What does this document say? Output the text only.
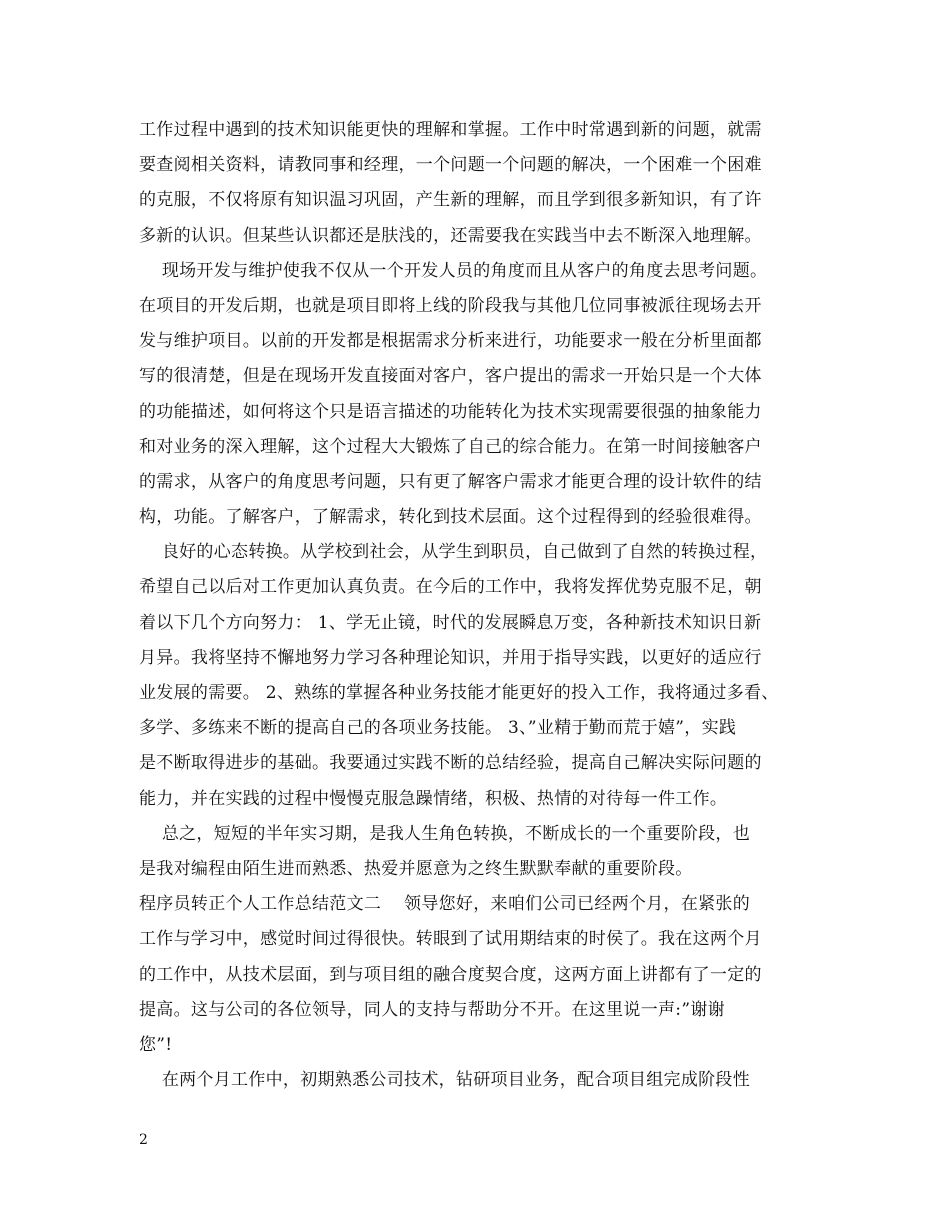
工作过程中遇到的技术知识能更快的理解和掌握。工作中时常遇到新的问题，就需
要查阅相关资料，请教同事和经理，一个问题一个问题的解决，一个困难一个困难
的克服，不仅将原有知识温习巩固，产生新的理解，而且学到很多新知识，有了许
多新的认识。但某些认识都还是肤浅的，还需要我在实践当中去不断深入地理解。
现场开发与维护使我不仅从一个开发人员的角度而且从客户的角度去思考问题。
在项目的开发后期，也就是项目即将上线的阶段我与其他几位同事被派往现场去开
发与维护项目。以前的开发都是根据需求分析来进行，功能要求一般在分析里面都
写的很清楚，但是在现场开发直接面对客户，客户提出的需求一开始只是一个大体
的功能描述，如何将这个只是语言描述的功能转化为技术实现需要很强的抽象能力
和对业务的深入理解，这个过程大大锻炼了自己的综合能力。在第一时间接触客户
的需求，从客户的角度思考问题，只有更了解客户需求才能更合理的设计软件的结
构，功能。了解客户，了解需求，转化到技术层面。这个过程得到的经验很难得。
良好的心态转换。从学校到社会，从学生到职员，自己做到了自然的转换过程，
希望自己以后对工作更加认真负责。在今后的工作中，我将发挥优势克服不足，朝
着以下几个方向努力： 1、学无止镜，时代的发展瞬息万变，各种新技术知识日新
月异。我将坚持不懈地努力学习各种理论知识，并用于指导实践，以更好的适应行
业发展的需要。 2、熟练的掌握各种业务技能才能更好的投入工作，我将通过多看、
多学、多练来不断的提高自己的各项业务技能。 3、”业精于勤而荒于嬉”，实践
是不断取得进步的基础。我要通过实践不断的总结经验，提高自己解决实际问题的
能力，并在实践的过程中慢慢克服急躁情绪，积极、热情的对待每一件工作。
总之，短短的半年实习期，是我人生角色转换，不断成长的一个重要阶段，也
是我对编程由陌生进而熟悉、热爱并愿意为之终生默默奉献的重要阶段。
程序员转正个人工作总结范文二    领导您好，来咱们公司已经两个月，在紧张的
工作与学习中，感觉时间过得很快。转眼到了试用期结束的时侯了。我在这两个月
的工作中，从技术层面，到与项目组的融合度契合度，这两方面上讲都有了一定的
提高。这与公司的各位领导，同人的支持与帮助分不开。在这里说一声:”谢谢
您”!
在两个月工作中，初期熟悉公司技术，钻研项目业务，配合项目组完成阶段性
2
